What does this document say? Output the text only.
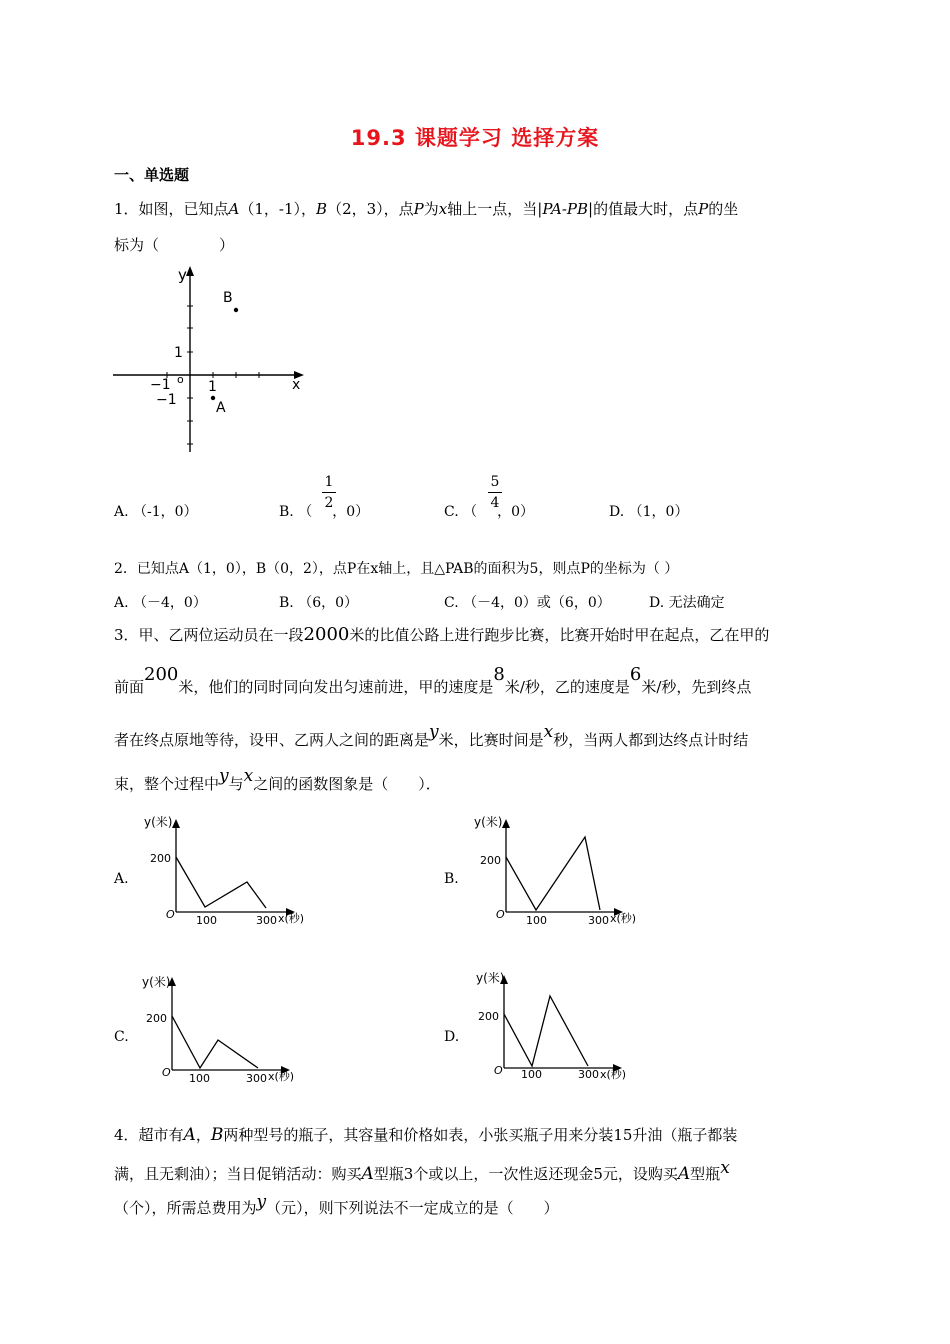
19.3 课题学习 选择方案
一、单选题
1．如图，已知点A（1，-1），B（2，3），点P为x轴上一点，当|PA-PB|的值最大时，点P的坐
标为（　　　　）
y
B
1
−1 o 1
−1	A
x
A. （-1，0）	B. （ ，0）
1
2
C. （ ，0）
5
4
D. （1，0）
2．已知点A（1，0），B（0，2），点P在x轴上，且△PAB的面积为5，则点P的坐标为（ ）
A. （－4，0）	B. （6，0）	C. （－4，0）或（6，0）	D. 无法确定
3．甲、乙两位运动员在一段2000米的比值公路上进行跑步比赛，比赛开始时甲在起点，乙在甲的
前面200米，他们的同时同向发出匀速前进，甲的速度是8米/秒，乙的速度是6米/秒，先到终点
者在终点原地等待，设甲、乙两人之间的距离是y米，比赛时间是x秒，当两人都到达终点计时结
束，整个过程中y与x之间的函数图象是（　　）．
A.	B.
C.	D.
y(米)
200
O 100	300 x(秒)
y(米)
200
O 100	300 x(秒)
y(米)
200
O 100	300 x(秒)
y(米)
200
O 100	300 x(秒)
4．超市有A，B两种型号的瓶子，其容量和价格如表，小张买瓶子用来分装15升油（瓶子都装
满，且无剩油）；当日促销活动：购买A型瓶3个或以上，一次性返还现金5元，设购买A型瓶x
（个），所需总费用为y（元），则下列说法不一定成立的是（　　）
